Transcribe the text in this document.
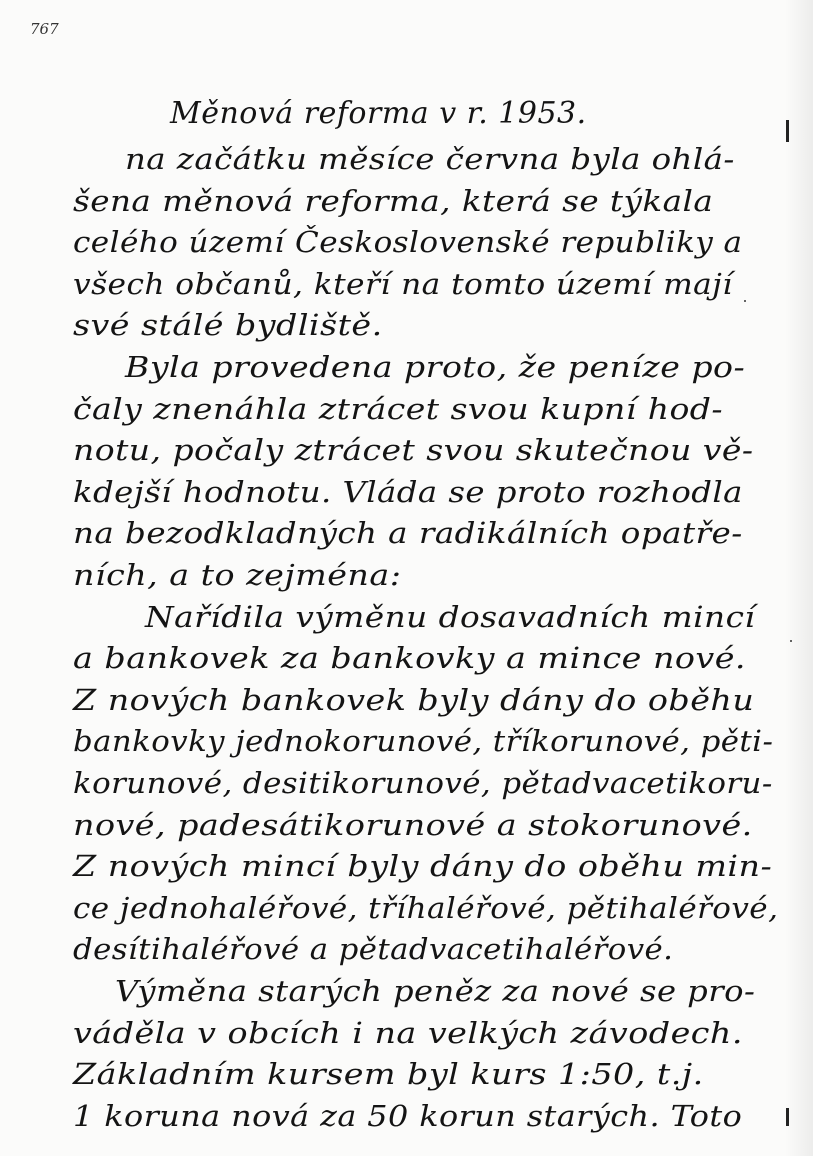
767
Měnová reforma v r. 1953.
na začátku měsíce června byla ohlá-
šena měnová reforma, která se týkala
celého území Československé republiky a
všech občanů, kteří na tomto území mají
své stálé bydliště.
Byla provedena proto, že peníze po-
čaly znenáhla ztrácet svou kupní hod-
notu, počaly ztrácet svou skutečnou vě-
kdejší hodnotu. Vláda se proto rozhodla
na bezodkladných a radikálních opatře-
ních, a to zejména:
Nařídila výměnu dosavadních mincí
a bankovek za bankovky a mince nové.
Z nových bankovek byly dány do oběhu
bankovky jednokorunové, tříkorunové, pěti-
korunové, desitikorunové, pětadvacetikoru-
nové, padesátikorunové a stokorunové.
Z nových mincí byly dány do oběhu min-
ce jednohaléřové, tříhaléřové, pětihaléřové,
desítihaléřové a pětadvacetihaléřové.
Výměna starých peněz za nové se pro-
váděla v obcích i na velkých závodech.
Základním kursem byl kurs 1:50, t.j.
1 koruna nová za 50 korun starých. Toto
